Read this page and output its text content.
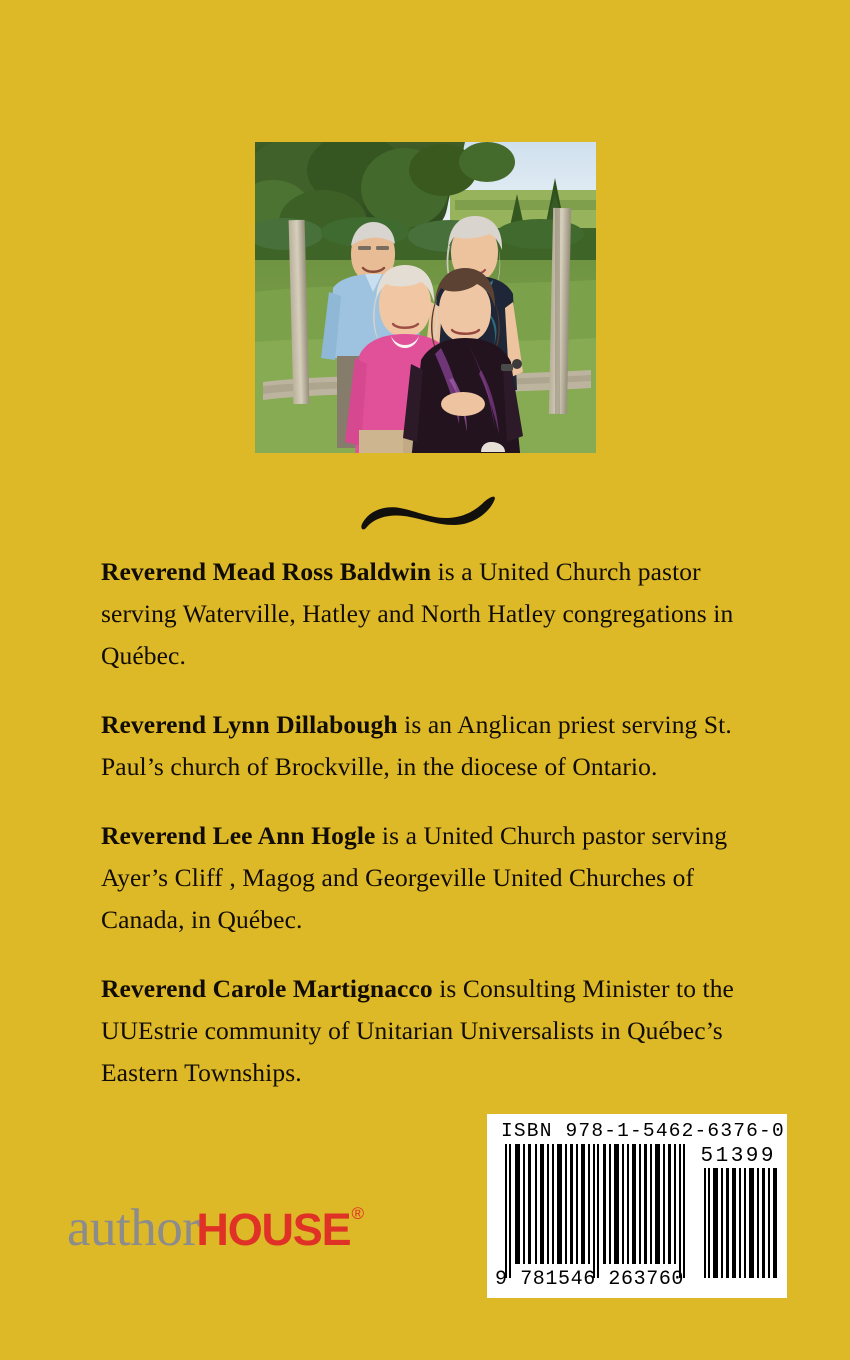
Reverend Mead Ross Baldwin is a United Church pastor serving Waterville, Hatley and North Hatley congregations in Québec.

Reverend Lynn Dillabough is an Anglican priest serving St. Paul’s church of Brockville, in the diocese of Ontario.

Reverend Lee Ann Hogle is a United Church pastor serving Ayer’s Cliff , Magog and Georgeville United Churches of Canada, in Québec.

Reverend Carole Martignacco is Consulting Minister to the UUEstrie community of Unitarian Universalists in Québec’s Eastern Townships.

author
HOUSE ®
ISBN 978-1-5462-6376-0
51399
9 781546 263760
